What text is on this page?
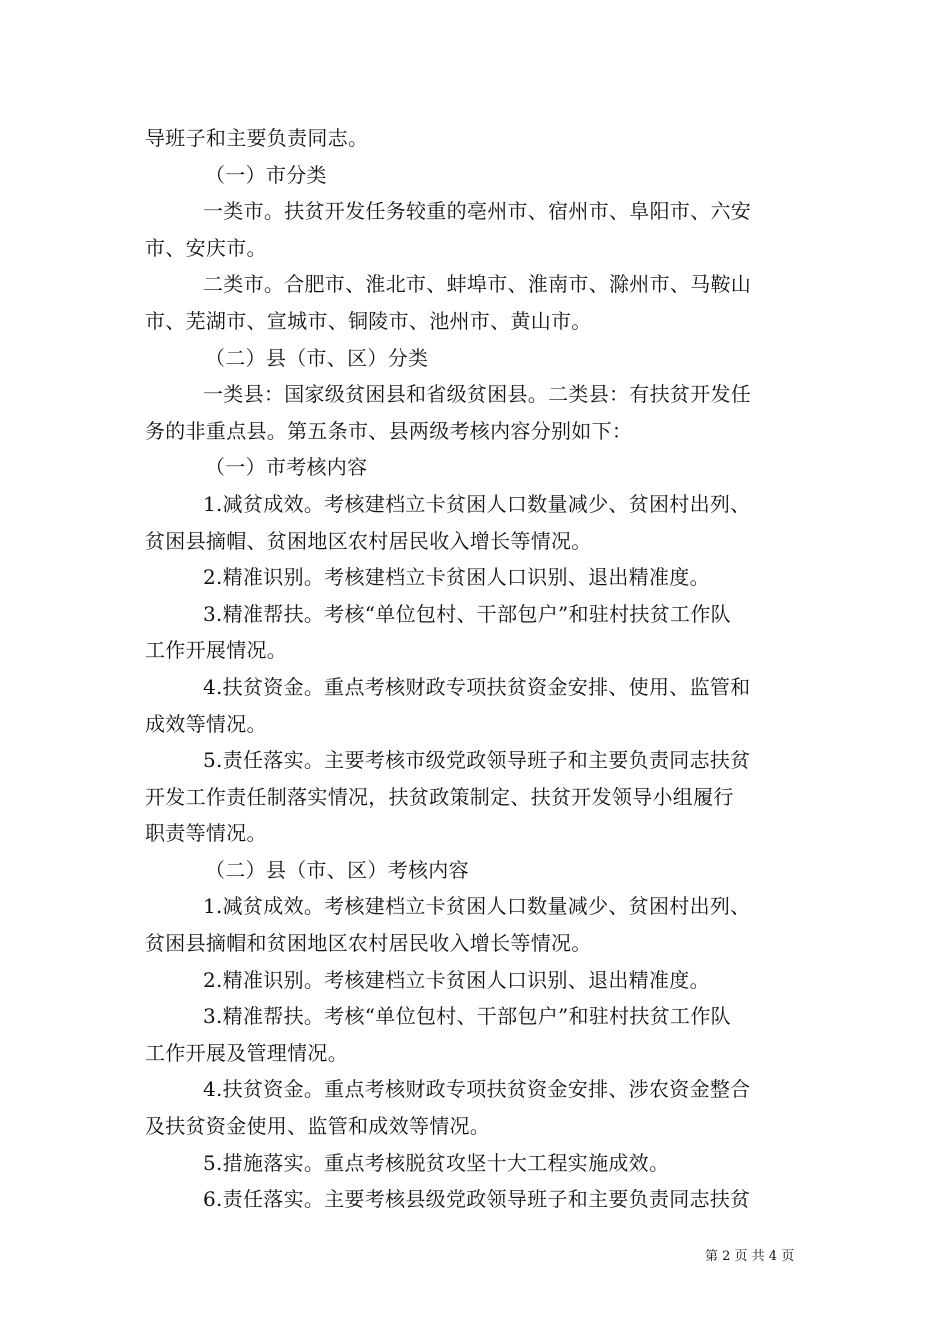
导班子和主要负责同志。
（一）市分类
一类市。扶贫开发任务较重的亳州市、宿州市、阜阳市、六安
市、安庆市。
二类市。合肥市、淮北市、蚌埠市、淮南市、滁州市、马鞍山
市、芜湖市、宣城市、铜陵市、池州市、黄山市。
（二）县（市、区）分类
一类县：国家级贫困县和省级贫困县。二类县：有扶贫开发任
务的非重点县。第五条市、县两级考核内容分别如下：
（一）市考核内容
1.减贫成效。考核建档立卡贫困人口数量减少、贫困村出列、
贫困县摘帽、贫困地区农村居民收入增长等情况。
2.精准识别。考核建档立卡贫困人口识别、退出精准度。
3.精准帮扶。考核“单位包村、干部包户”和驻村扶贫工作队
工作开展情况。
4.扶贫资金。重点考核财政专项扶贫资金安排、使用、监管和
成效等情况。
5.责任落实。主要考核市级党政领导班子和主要负责同志扶贫
开发工作责任制落实情况，扶贫政策制定、扶贫开发领导小组履行
职责等情况。
（二）县（市、区）考核内容
1.减贫成效。考核建档立卡贫困人口数量减少、贫困村出列、
贫困县摘帽和贫困地区农村居民收入增长等情况。
2.精准识别。考核建档立卡贫困人口识别、退出精准度。
3.精准帮扶。考核“单位包村、干部包户”和驻村扶贫工作队
工作开展及管理情况。
4.扶贫资金。重点考核财政专项扶贫资金安排、涉农资金整合
及扶贫资金使用、监管和成效等情况。
5.措施落实。重点考核脱贫攻坚十大工程实施成效。
6.责任落实。主要考核县级党政领导班子和主要负责同志扶贫
第 2 页 共 4 页
